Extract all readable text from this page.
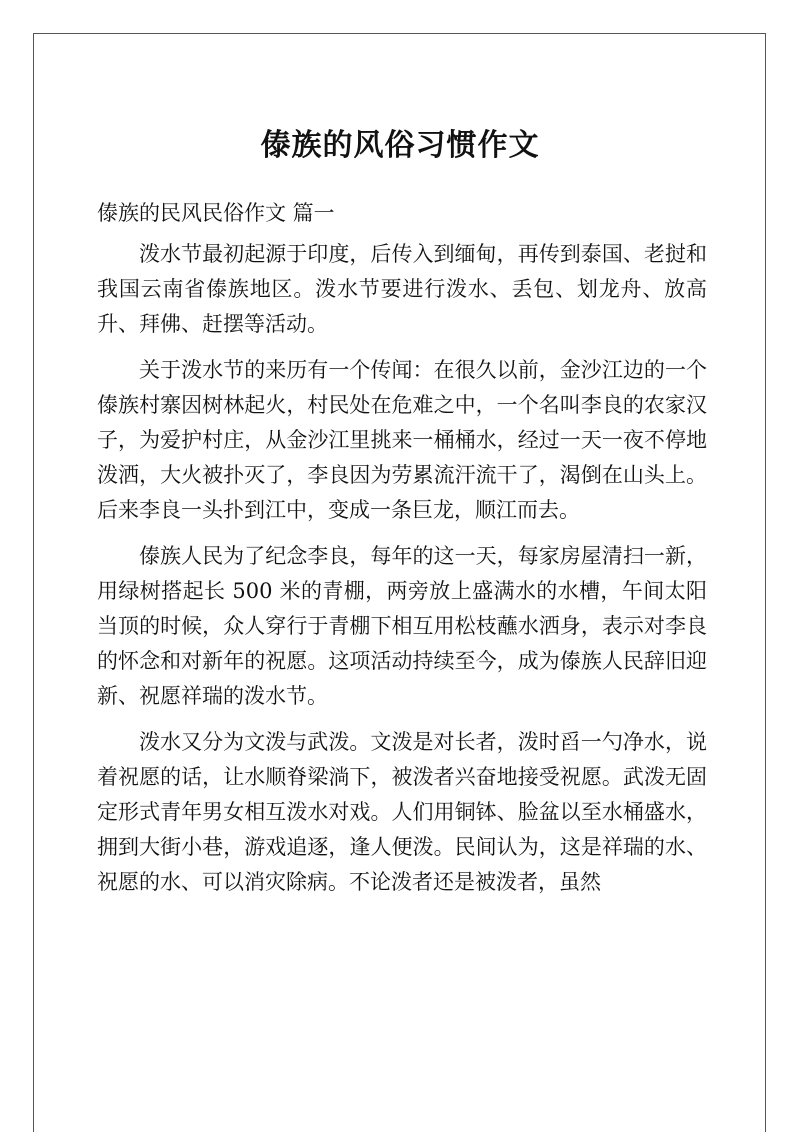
傣族的风俗习惯作文
傣族的民风民俗作文 篇一

泼水节最初起源于印度，后传入到缅甸，再传到泰国、老挝和我国云南省傣族地区。泼水节要进行泼水、丢包、划龙舟、放高升、拜佛、赶摆等活动。

关于泼水节的来历有一个传闻：在很久以前，金沙江边的一个傣族村寨因树林起火，村民处在危难之中，一个名叫李良的农家汉子，为爱护村庄，从金沙江里挑来一桶桶水，经过一天一夜不停地泼洒，大火被扑灭了，李良因为劳累流汗流干了，渴倒在山头上。后来李良一头扑到江中，变成一条巨龙，顺江而去。

傣族人民为了纪念李良，每年的这一天，每家房屋清扫一新，用绿树搭起长 500 米的青棚，两旁放上盛满水的水槽，午间太阳当顶的时候，众人穿行于青棚下相互用松枝蘸水洒身，表示对李良的怀念和对新年的祝愿。这项活动持续至今，成为傣族人民辞旧迎新、祝愿祥瑞的泼水节。

泼水又分为文泼与武泼。文泼是对长者，泼时舀一勺净水，说着祝愿的话，让水顺脊梁淌下，被泼者兴奋地接受祝愿。武泼无固定形式青年男女相互泼水对戏。人们用铜钵、脸盆以至水桶盛水，拥到大街小巷，游戏追逐，逢人便泼。民间认为，这是祥瑞的水、祝愿的水、可以消灾除病。不论泼者还是被泼者，虽然
